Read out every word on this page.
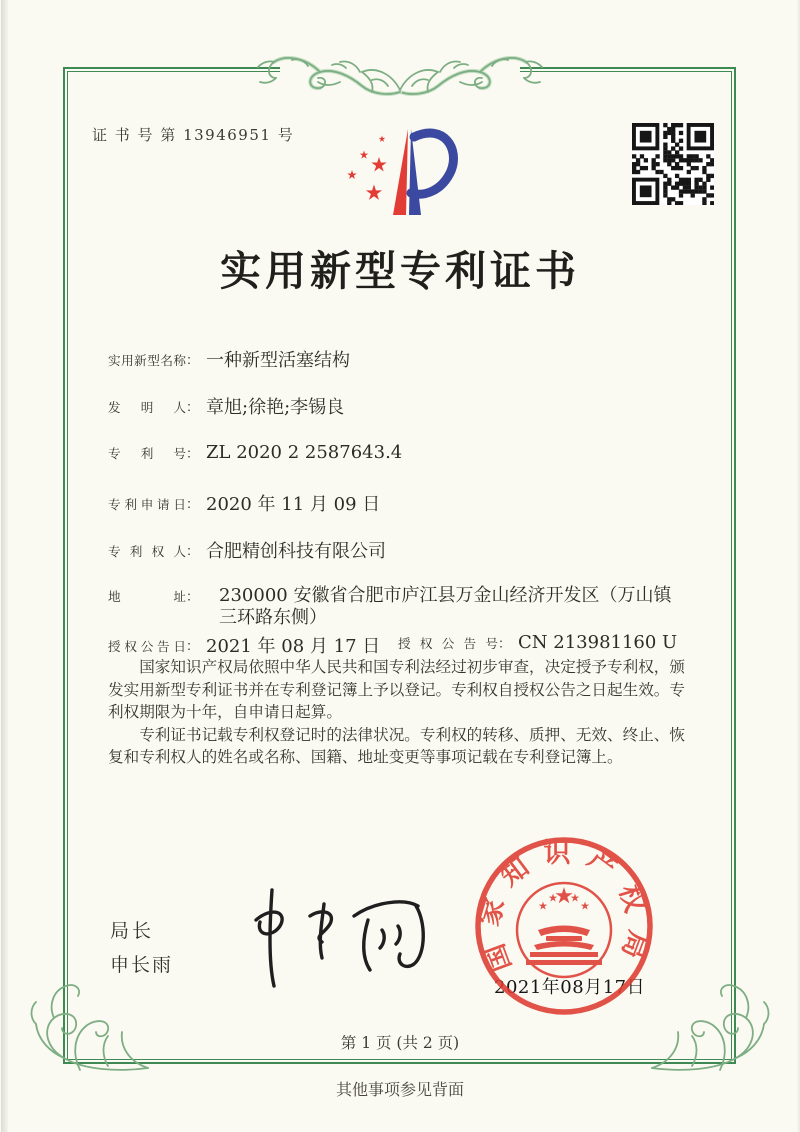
证 书 号 第 13946951 号
实用新型专利证书
实用新型名称： 一种新型活塞结构
发明人： 章旭;徐艳;李锡良
专利号： ZL 2020 2 2587643.4
专利申请日： 2020 年 11 月 09 日
专利权人： 合肥精创科技有限公司
地址： 230000 安徽省合肥市庐江县万金山经济开发区（万山镇
三环路东侧）
授权公告日： 2021 年 08 月 17 日 授权公告号： CN 213981160 U

国家知识产权局依照中华人民共和国专利法经过初步审查，决定授予专利权，颁发实用新型专利证书并在专利登记簿上予以登记。专利权自授权公告之日起生效。专利权期限为十年，自申请日起算。

专利证书记载专利权登记时的法律状况。专利权的转移、质押、无效、终止、恢复和专利权人的姓名或名称、国籍、地址变更等事项记载在专利登记簿上。

局长
申长雨
2021年08月17日
国家知识产权局
第 1 页 (共 2 页)
其他事项参见背面
